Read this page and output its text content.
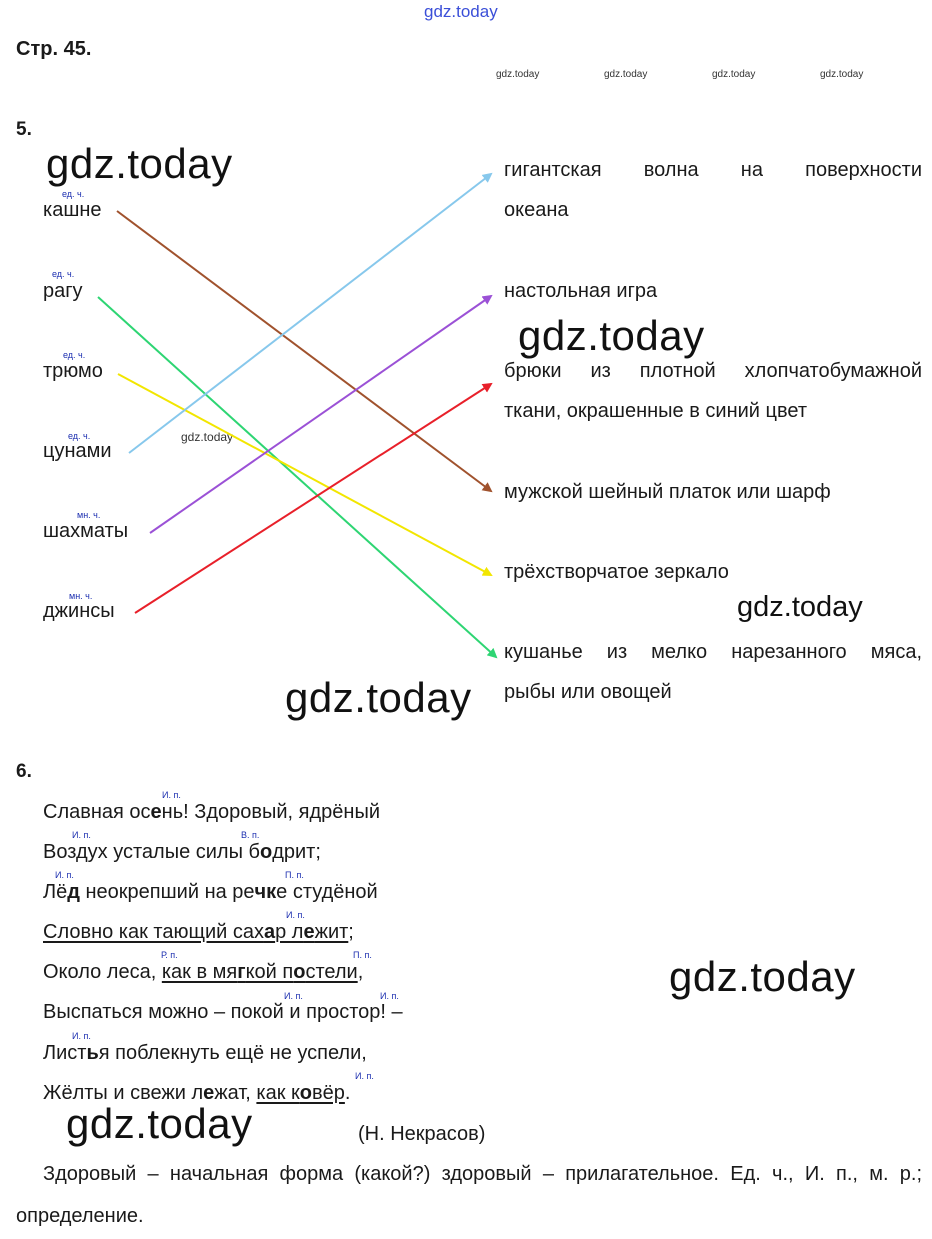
gdz.today
gdz.today	gdz.today	gdz.today	gdz.today
Стр. 45.
5.
gdz.today
ед. ч.
кашне
ед. ч.
рагу
ед. ч.
трюмо
ед. ч.
цунами
мн. ч.
шахматы
мн. ч.
джинсы
гигантская волна на поверхности
океана
настольная игра
брюки из плотной хлопчатобумажной
ткани, окрашенные в синий цвет
мужской шейный платок или шарф
трёхстворчатое зеркало
кушанье из мелко нарезанного мяса,
рыбы или овощей
gdz.today
gdz.today
gdz.today
gdz.today
6.
И. п.
И. п.	В. п.
И. п.	П. п.
И. п.
Р. п.	П. п.
И. п.	И. п.
И. п.
И. п.
Славная осень! Здоровый, ядрёный
Воздух усталые силы бодрит;
Лёд неокрепший на речке студёной
Словно как тающий сахар лежит;
Около леса, как в мягкой постели,
Выспаться можно – покой и простор! –
Листья поблекнуть ещё не успели,
Жёлты и свежи лежат, как ковёр.
gdz.today
gdz.today	(Н. Некрасов)
Здоровый – начальная форма (какой?) здоровый – прилагательное. Ед. ч., И. п., м. р.; определение.
